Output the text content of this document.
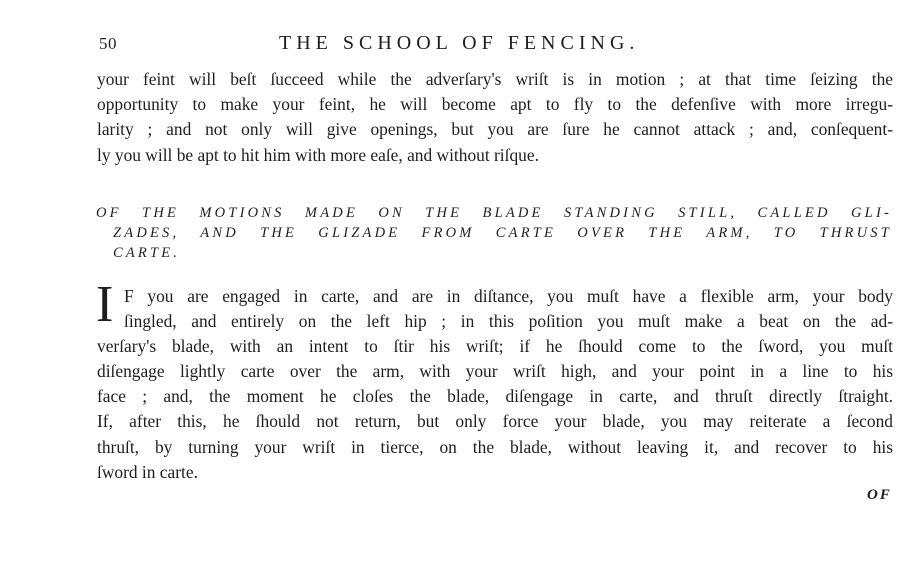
50	THE SCHOOL OF FENCING.
your feint will beſt ſucceed while the adverſary's wriſt is in motion ; at that time ſeizing the
opportunity to make your feint, he will become apt to fly to the defenſive with more irregu-
larity ; and not only will give openings, but you are ſure he cannot attack ; and, conſequent-
ly you will be apt to hit him with more eaſe, and without riſque.
OF THE MOTIONS MADE ON THE BLADE STANDING STILL, CALLED GLI-
ZADES, AND THE GLIZADE FROM CARTE OVER THE ARM, TO THRUST
CARTE.
I F you are engaged in carte, and are in diſtance, you muſt have a flexible arm, your body
ſingled, and entirely on the left hip ; in this poſition you muſt make a beat on the ad-
verſary's blade, with an intent to ſtir his wriſt; if he ſhould come to the ſword, you muſt
diſengage lightly carte over the arm, with your wriſt high, and your point in a line to his
face ; and, the moment he cloſes the blade, diſengage in carte, and thruſt directly ſtraight.
If, after this, he ſhould not return, but only force your blade, you may reiterate a ſecond
thruſt, by turning your wriſt in tierce, on the blade, without leaving it, and recover to his
ſword in carte.
OF
